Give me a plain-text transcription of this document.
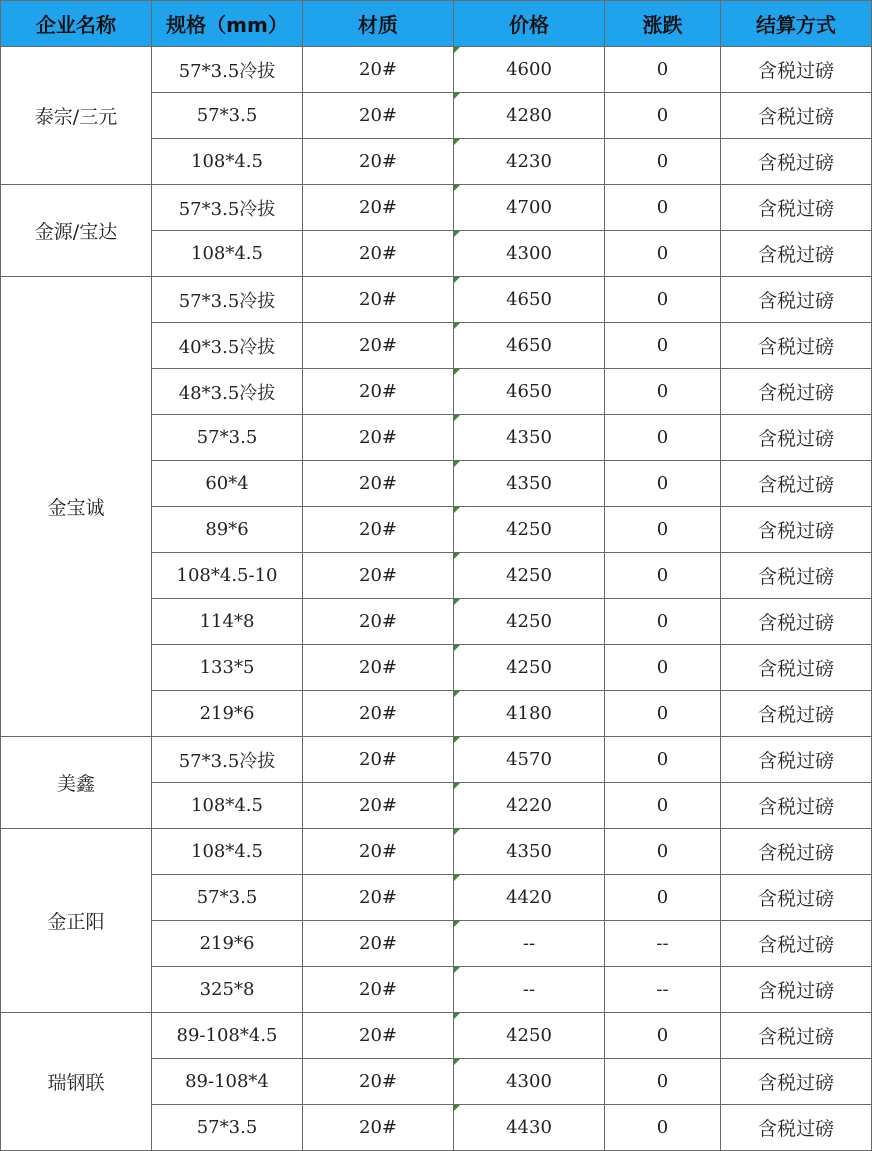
企业名称	规格（mm）	材质	价格	涨跌	结算方式
泰宗/三元	57*3.5冷拔	20#	4600	0	含税过磅
	57*3.5	20#	4280	0	含税过磅
	108*4.5	20#	4230	0	含税过磅
金源/宝达	57*3.5冷拔	20#	4700	0	含税过磅
	108*4.5	20#	4300	0	含税过磅
金宝诚	57*3.5冷拔	20#	4650	0	含税过磅
	40*3.5冷拔	20#	4650	0	含税过磅
	48*3.5冷拔	20#	4650	0	含税过磅
	57*3.5	20#	4350	0	含税过磅
	60*4	20#	4350	0	含税过磅
	89*6	20#	4250	0	含税过磅
	108*4.5-10	20#	4250	0	含税过磅
	114*8	20#	4250	0	含税过磅
	133*5	20#	4250	0	含税过磅
	219*6	20#	4180	0	含税过磅
美鑫	57*3.5冷拔	20#	4570	0	含税过磅
	108*4.5	20#	4220	0	含税过磅
金正阳	108*4.5	20#	4350	0	含税过磅
	57*3.5	20#	4420	0	含税过磅
	219*6	20#	--	--	含税过磅
	325*8	20#	--	--	含税过磅
瑞钢联	89-108*4.5	20#	4250	0	含税过磅
	89-108*4	20#	4300	0	含税过磅
	57*3.5	20#	4430	0	含税过磅
